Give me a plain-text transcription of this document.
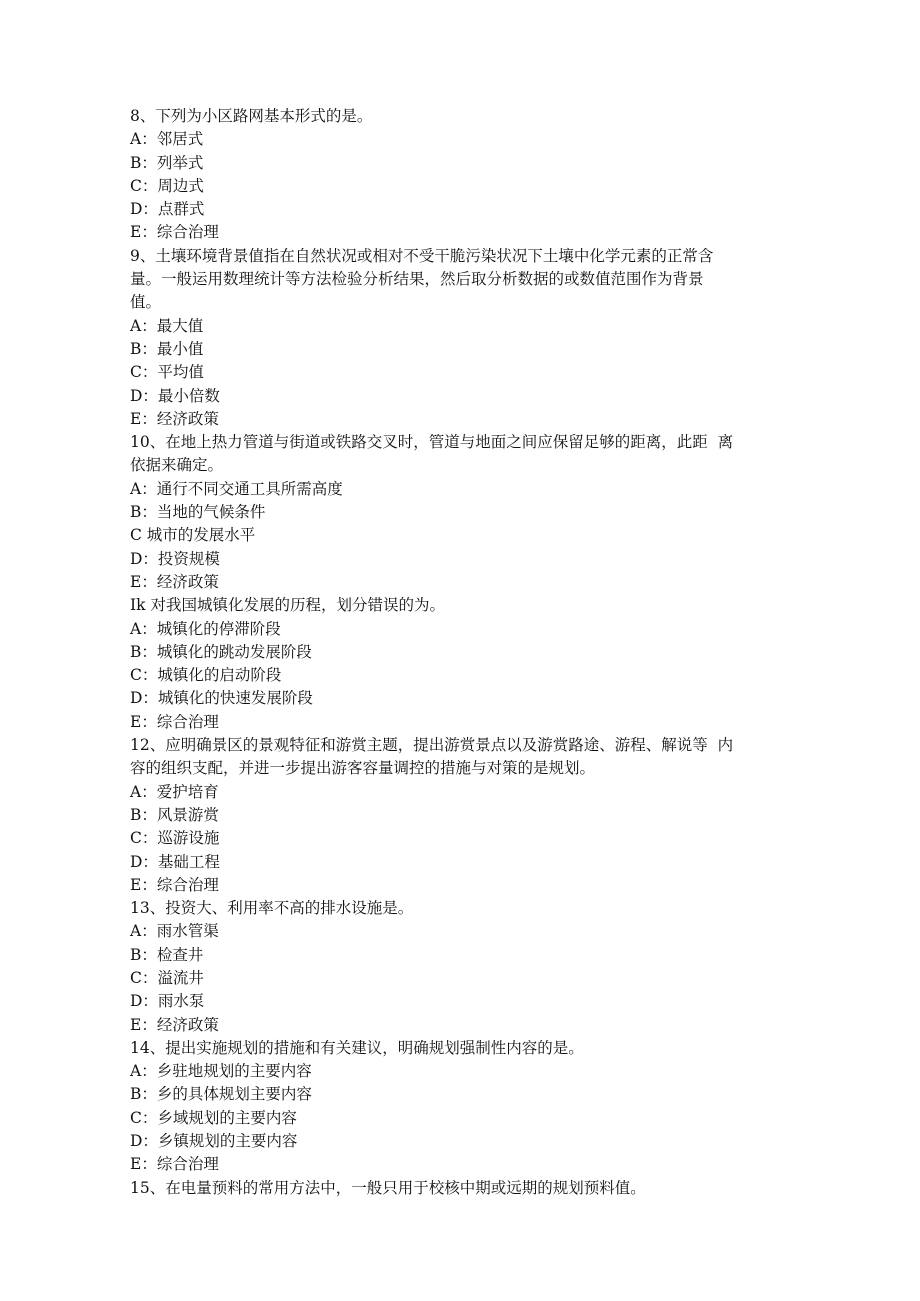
8、下列为小区路网基本形式的是。
A：邻居式
B：列举式
C：周边式
D：点群式
E：综合治理
9、土壤环境背景值指在自然状况或相对不受干脆污染状况下土壤中化学元素的正常含
量。一般运用数理统计等方法检验分析结果，然后取分析数据的或数值范围作为背景
值。
A：最大值
B：最小值
C：平均值
D：最小倍数
E：经济政策
10、在地上热力管道与街道或铁路交叉时，管道与地面之间应保留足够的距离，此距  离
依据来确定。
A：通行不同交通工具所需高度
B：当地的气候条件
C 城市的发展水平
D：投资规模
E：经济政策
Ik 对我国城镇化发展的历程，划分错误的为。
A：城镇化的停滞阶段
B：城镇化的跳动发展阶段
C：城镇化的启动阶段
D：城镇化的快速发展阶段
E：综合治理
12、应明确景区的景观特征和游赏主题，提出游赏景点以及游赏路途、游程、解说等  内
容的组织支配，并进一步提出游客容量调控的措施与对策的是规划。
A：爱护培育
B：风景游赏
C：巡游设施
D：基础工程
E：综合治理
13、投资大、利用率不高的排水设施是。
A：雨水管渠
B：检查井
C：溢流井
D：雨水泵
E：经济政策
14、提出实施规划的措施和有关建议，明确规划强制性内容的是。
A：乡驻地规划的主要内容
B：乡的具体规划主要内容
C：乡域规划的主要内容
D：乡镇规划的主要内容
E：综合治理
15、在电量预料的常用方法中，一般只用于校核中期或远期的规划预料值。
